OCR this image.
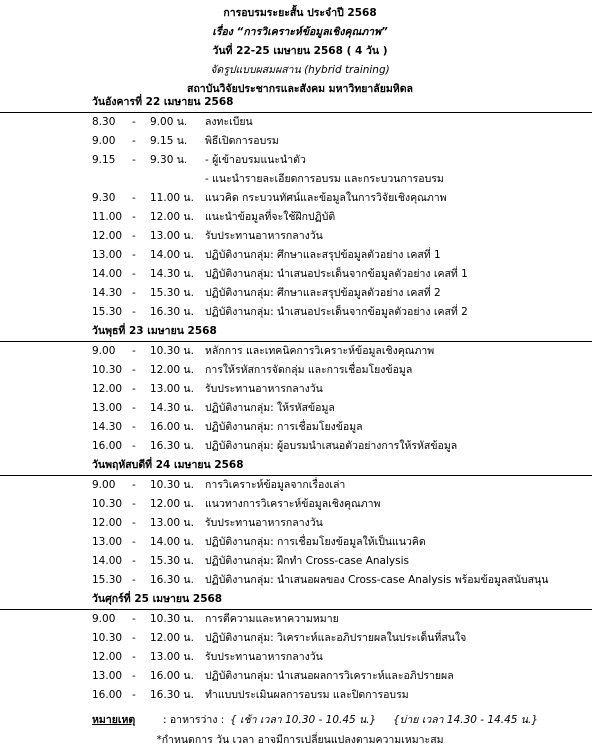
การอบรมระยะสั้น ประจำปี 2568
เรื่อง “การวิเคราะห์ข้อมูลเชิงคุณภาพ”
วันที่ 22-25 เมษายน 2568 ( 4 วัน )
จัดรูปแบบผสมผสาน (hybrid training)
สถาบันวิจัยประชากรและสังคม มหาวิทยาลัยมหิดล
วันอังคารที่ 22 เมษายน 2568
8.30 - 9.00 น. ลงทะเบียน
9.00 - 9.15 น. พิธีเปิดการอบรม
9.15 - 9.30 น. - ผู้เข้าอบรมแนะนำตัว
- แนะนำรายละเอียดการอบรม และกระบวนการอบรม
9.30 - 11.00 น. แนวคิด กระบวนทัศน์และข้อมูลในการวิจัยเชิงคุณภาพ
11.00 - 12.00 น. แนะนำข้อมูลที่จะใช้ฝึกปฏิบัติ
12.00 - 13.00 น. รับประทานอาหารกลางวัน
13.00 - 14.00 น. ปฏิบัติงานกลุ่ม: ศึกษาและสรุปข้อมูลตัวอย่าง เคสที่ 1
14.00 - 14.30 น. ปฏิบัติงานกลุ่ม: นำเสนอประเด็นจากข้อมูลตัวอย่าง เคสที่ 1
14.30 - 15.30 น. ปฏิบัติงานกลุ่ม: ศึกษาและสรุปข้อมูลตัวอย่าง เคสที่ 2
15.30 - 16.30 น. ปฏิบัติงานกลุ่ม: นำเสนอประเด็นจากข้อมูลตัวอย่าง เคสที่ 2
วันพุธที่ 23 เมษายน 2568
9.00 - 10.30 น. หลักการ และเทคนิคการวิเคราะห์ข้อมูลเชิงคุณภาพ
10.30 - 12.00 น. การให้รหัสการจัดกลุ่ม และการเชื่อมโยงข้อมูล
12.00 - 13.00 น. รับประทานอาหารกลางวัน
13.00 - 14.30 น. ปฏิบัติงานกลุ่ม: ให้รหัสข้อมูล
14.30 - 16.00 น. ปฏิบัติงานกลุ่ม: การเชื่อมโยงข้อมูล
16.00 - 16.30 น. ปฏิบัติงานกลุ่ม: ผู้อบรมนำเสนอตัวอย่างการให้รหัสข้อมูล
วันพฤหัสบดีที่ 24 เมษายน 2568
9.00 - 10.30 น. การวิเคราะห์ข้อมูลจากเรื่องเล่า
10.30 - 12.00 น. แนวทางการวิเคราะห์ข้อมูลเชิงคุณภาพ
12.00 - 13.00 น. รับประทานอาหารกลางวัน
13.00 - 14.00 น. ปฏิบัติงานกลุ่ม: การเชื่อมโยงข้อมูลให้เป็นแนวคิด
14.00 - 15.30 น. ปฏิบัติงานกลุ่ม: ฝึกทำ Cross-case Analysis
15.30 - 16.30 น. ปฏิบัติงานกลุ่ม: นำเสนอผลของ Cross-case Analysis พร้อมข้อมูลสนับสนุน
วันศุกร์ที่ 25 เมษายน 2568
9.00 - 10.30 น. การตีความและหาความหมาย
10.30 - 12.00 น. ปฏิบัติงานกลุ่ม: วิเคราะห์และอภิปรายผลในประเด็นที่สนใจ
12.00 - 13.00 น. รับประทานอาหารกลางวัน
13.00 - 16.00 น. ปฏิบัติงานกลุ่ม: นำเสนอผลการวิเคราะห์และอภิปรายผล
16.00 - 16.30 น. ทำแบบประเมินผลการอบรม และปิดการอบรม
หมายเหตุ	: อาหารว่าง : { เช้า เวลา 10.30 - 10.45 น.} {บ่าย เวลา 14.30 - 14.45 น.}
*กำหนดการ วัน เวลา อาจมีการเปลี่ยนแปลงตามความเหมาะสม
